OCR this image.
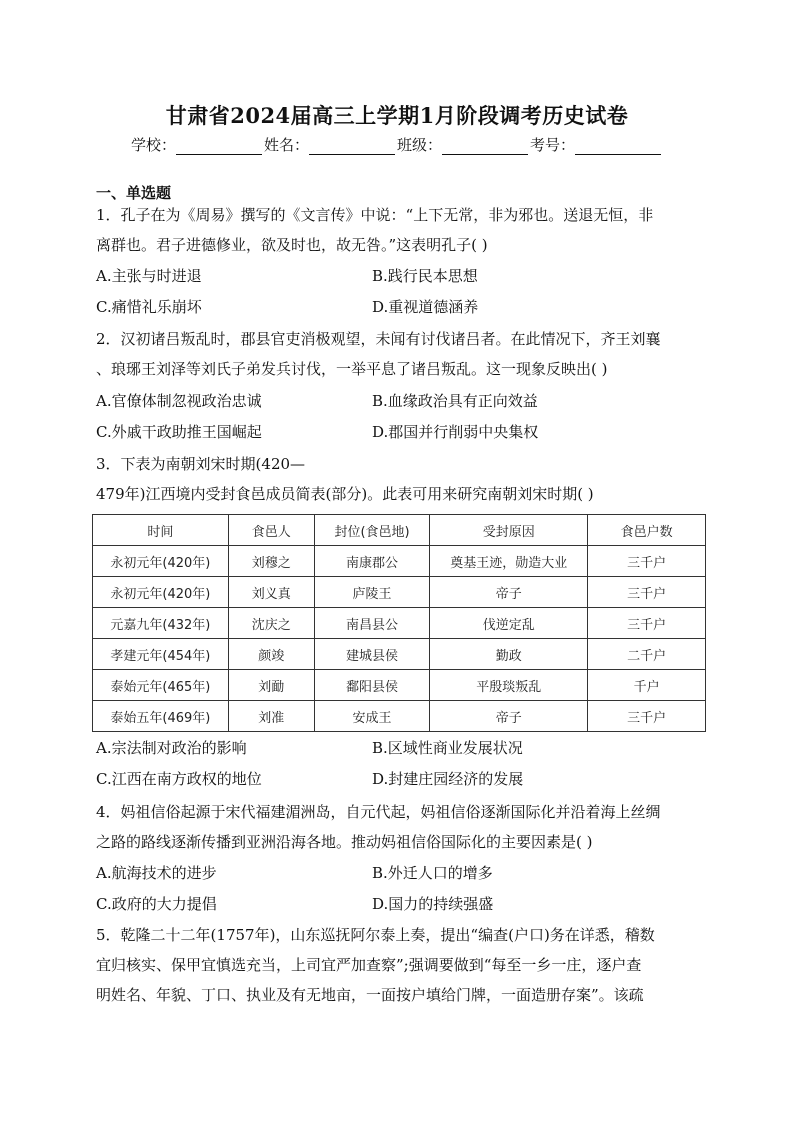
甘肃省2024届高三上学期1月阶段调考历史试卷
学校：	姓名：	班级：	考号：
一、单选题
1．孔子在为《周易》撰写的《文言传》中说：“上下无常，非为邪也。送退无恒，非
离群也。君子进德修业，欲及时也，故无咎。”这表明孔子( )
A.主张与时进退	B.践行民本思想
C.痛惜礼乐崩坏	D.重视道德涵养
2．汉初诸吕叛乱时，郡县官吏消极观望，未闻有讨伐诸吕者。在此情况下，齐王刘襄
、琅琊王刘泽等刘氏子弟发兵讨伐，一举平息了诸吕叛乱。这一现象反映出( )
A.官僚体制忽视政治忠诚	B.血缘政治具有正向效益
C.外戚干政助推王国崛起	D.郡国并行削弱中央集权
3．下表为南朝刘宋时期(420—
479年)江西境内受封食邑成员简表(部分)。此表可用来研究南朝刘宋时期( )
时间	食邑人	封位(食邑地)	受封原因	食邑户数
永初元年(420年)	刘穆之	南康郡公	奠基王迹，勋造大业	三千户
永初元年(420年)	刘义真	庐陵王	帝子	三千户
元嘉九年(432年)	沈庆之	南昌县公	伐逆定乱	三千户
孝建元年(454年)	颜竣	建城县侯	勤政	二千户
泰始元年(465年)	刘勔	鄱阳县侯	平殷琰叛乱	千户
泰始五年(469年)	刘准	安成王	帝子	三千户
A.宗法制对政治的影响	B.区域性商业发展状况
C.江西在南方政权的地位	D.封建庄园经济的发展
4．妈祖信俗起源于宋代福建湄洲岛，自元代起，妈祖信俗逐渐国际化并沿着海上丝绸
之路的路线逐渐传播到亚洲沿海各地。推动妈祖信俗国际化的主要因素是( )
A.航海技术的进步	B.外迁人口的增多
C.政府的大力提倡	D.国力的持续强盛
5．乾隆二十二年(1757年)，山东巡抚阿尔泰上奏，提出“编查(户口)务在详悉，稽数
宜归核实、保甲宜慎选充当，上司宜严加查察”;强调要做到“每至一乡一庄，逐户查
明姓名、年貌、丁口、执业及有无地亩，一面按户填给门牌，一面造册存案”。该疏
